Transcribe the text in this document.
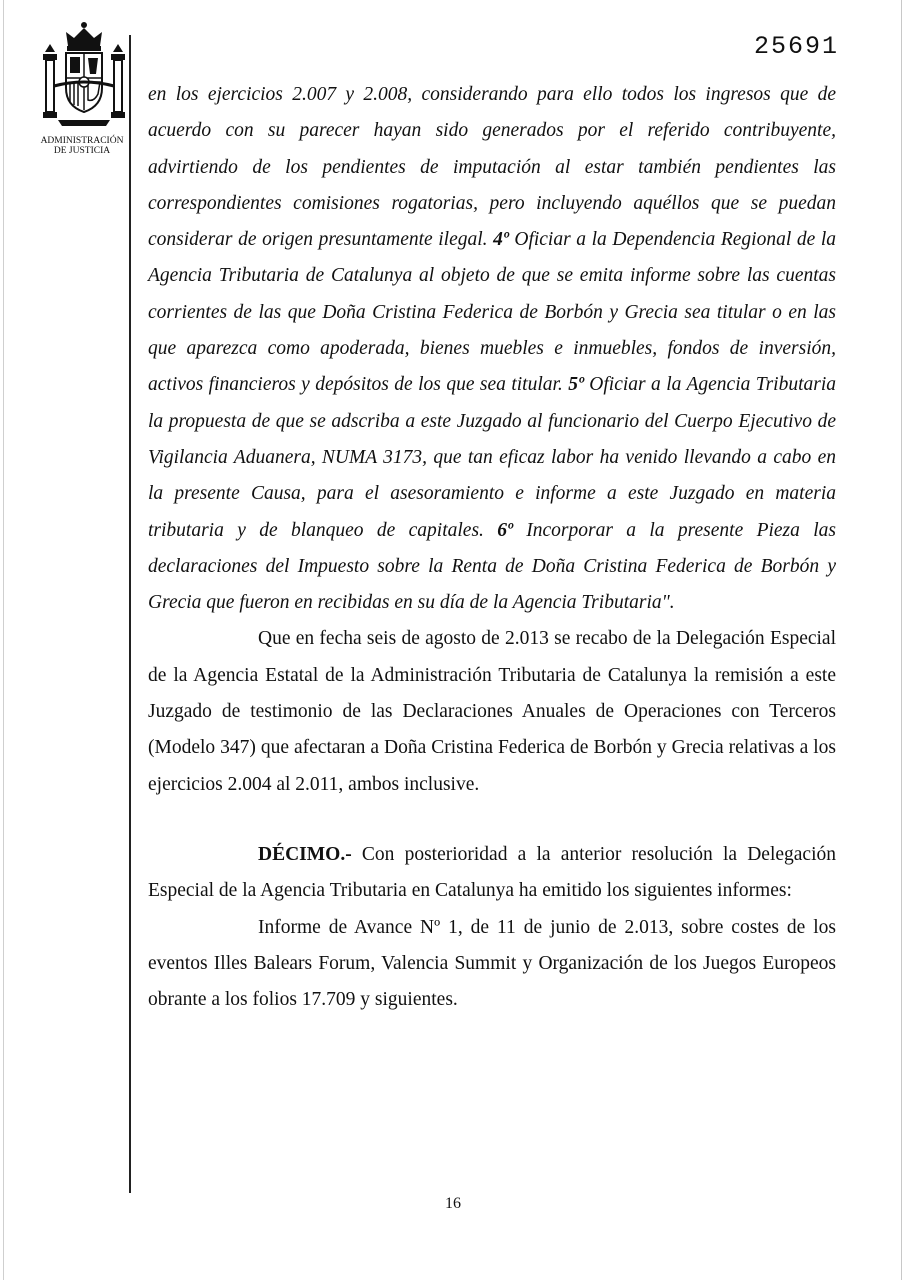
ADMINISTRACIÓN
DE JUSTICIA
25691

en los ejercicios 2.007 y 2.008, considerando para ello todos los ingresos que de acuerdo con su parecer hayan sido generados por el referido contribuyente, advirtiendo de los pendientes de imputación al estar también pendientes las correspondientes comisiones rogatorias, pero incluyendo aquéllos que se puedan considerar de origen presuntamente ilegal. 4º Oficiar a la Dependencia Regional de la Agencia Tributaria de Catalunya al objeto de que se emita informe sobre las cuentas corrientes de las que Doña Cristina Federica de Borbón y Grecia sea titular o en las que aparezca como apoderada, bienes muebles e inmuebles, fondos de inversión, activos financieros y depósitos de los que sea titular. 5º Oficiar a la Agencia Tributaria la propuesta de que se adscriba a este Juzgado al funcionario del Cuerpo Ejecutivo de Vigilancia Aduanera, NUMA 3173, que tan eficaz labor ha venido llevando a cabo en la presente Causa, para el asesoramiento e informe a este Juzgado en materia tributaria y de blanqueo de capitales. 6º Incorporar a la presente Pieza las declaraciones del Impuesto sobre la Renta de Doña Cristina Federica de Borbón y Grecia que fueron en recibidas en su día de la Agencia Tributaria".

Que en fecha seis de agosto de 2.013 se recabo de la Delegación Especial de la Agencia Estatal de la Administración Tributaria de Catalunya la remisión a este Juzgado de testimonio de las Declaraciones Anuales de Operaciones con Terceros (Modelo 347) que afectaran a Doña Cristina Federica de Borbón y Grecia relativas a los ejercicios 2.004 al 2.011, ambos inclusive.

DÉCIMO.- Con posterioridad a la anterior resolución la Delegación Especial de la Agencia Tributaria en Catalunya ha emitido los siguientes informes:

Informe de Avance Nº 1, de 11 de junio de 2.013, sobre costes de los eventos Illes Balears Forum, Valencia Summit y Organización de los Juegos Europeos obrante a los folios 17.709 y siguientes.

16
